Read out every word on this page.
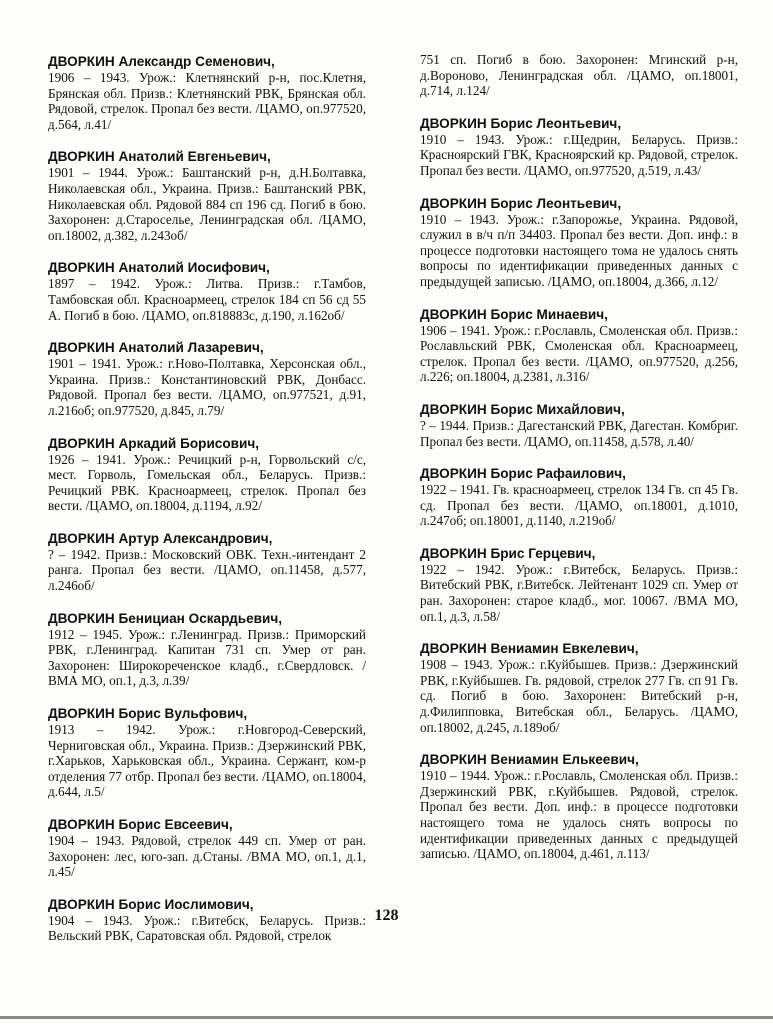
ДВОРКИН Александр Семенович,

1906 – 1943. Урож.: Клетнянский р-н, пос.Клетня, Брянская обл. Призв.: Клетнянский РВК, Брянская обл. Рядовой, стрелок. Пропал без вести. /ЦАМО, оп.977520, д.564, л.41/

ДВОРКИН Анатолий Евгеньевич,

1901 – 1944. Урож.: Баштанский р-н, д.Н.Болтавка, Николаевская обл., Украина. Призв.: Баштанский РВК, Николаевская обл. Рядовой 884 сп 196 сд. Погиб в бою. Захоронен: д.Староселье, Ленинградская обл. /ЦАМО, оп.18002, д.382, л.243об/

ДВОРКИН Анатолий Иосифович,

1897 – 1942. Урож.: Литва. Призв.: г.Тамбов, Тамбовская обл. Красноармеец, стрелок 184 сп 56 сд 55 А. Погиб в бою. /ЦАМО, оп.818883с, д.190, л.162об/

ДВОРКИН Анатолий Лазаревич,

1901 – 1941. Урож.: г.Ново-Полтавка, Херсонская обл., Украина. Призв.: Константиновский РВК, Донбасс. Рядовой. Пропал без вести. /ЦАМО, оп.977521, д.91, л.216об; оп.977520, д.845, л.79/

ДВОРКИН Аркадий Борисович,

1926 – 1941. Урож.: Речицкий р-н, Горвольский с/с, мест. Горволь, Гомельская обл., Беларусь. Призв.: Речицкий РВК. Красноармеец, стрелок. Пропал без вести. /ЦАМО, оп.18004, д.1194, л.92/

ДВОРКИН Артур Александрович,

? – 1942. Призв.: Московский ОВК. Техн.-интендант 2 ранга. Пропал без вести. /ЦАМО, оп.11458, д.577, л.246об/

ДВОРКИН Бенициан Оскардьевич,

1912 – 1945. Урож.: г.Ленинград. Призв.: Приморский РВК, г.Ленинград. Капитан 731 сп. Умер от ран. Захоронен: Широкореченское кладб., г.Свердловск. /ВМА МО, оп.1, д.3, л.39/

ДВОРКИН Борис Вульфович,

1913 – 1942. Урож.: г.Новгород-Северский, Черниговская обл., Украина. Призв.: Дзержинский РВК, г.Харьков, Харьковская обл., Украина. Сержант, ком-р отделения 77 отбр. Пропал без вести. /ЦАМО, оп.18004, д.644, л.5/

ДВОРКИН Борис Евсеевич,

1904 – 1943. Рядовой, стрелок 449 сп. Умер от ран. Захоронен: лес, юго-зап. д.Станы. /ВМА МО, оп.1, д.1, л.45/

ДВОРКИН Борис Иослимович,

1904 – 1943. Урож.: г.Витебск, Беларусь. Призв.: Вельский РВК, Саратовская обл. Рядовой, стрелок

751 сп. Погиб в бою. Захоронен: Мгинский р-н, д.Вороново, Ленинградская обл. /ЦАМО, оп.18001, д.714, л.124/

ДВОРКИН Борис Леонтьевич,

1910 – 1943. Урож.: г.Щедрин, Беларусь. Призв.: Красноярский ГВК, Красноярский кр. Рядовой, стрелок. Пропал без вести. /ЦАМО, оп.977520, д.519, л.43/

ДВОРКИН Борис Леонтьевич,

1910 – 1943. Урож.: г.Запорожье, Украина. Рядовой, служил в в/ч п/п 34403. Пропал без вести. Доп. инф.: в процессе подготовки настоящего тома не удалось снять вопросы по идентификации приведенных данных с предыдущей записью. /ЦАМО, оп.18004, д.366, л.12/

ДВОРКИН Борис Минаевич,

1906 – 1941. Урож.: г.Рославль, Смоленская обл. Призв.: Рославльский РВК, Смоленская обл. Красноармеец, стрелок. Пропал без вести. /ЦАМО, оп.977520, д.256, л.226; оп.18004, д.2381, л.316/

ДВОРКИН Борис Михайлович,

? – 1944. Призв.: Дагестанский РВК, Дагестан. Комбриг. Пропал без вести. /ЦАМО, оп.11458, д.578, л.40/

ДВОРКИН Борис Рафаилович,

1922 – 1941. Гв. красноармеец, стрелок 134 Гв. сп 45 Гв. сд. Пропал без вести. /ЦАМО, оп.18001, д.1010, л.247об; оп.18001, д.1140, л.219об/

ДВОРКИН Брис Герцевич,

1922 – 1942. Урож.: г.Витебск, Беларусь. Призв.: Витебский РВК, г.Витебск. Лейтенант 1029 сп. Умер от ран. Захоронен: старое кладб., мог. 10067. /ВМА МО, оп.1, д.3, л.58/

ДВОРКИН Вениамин Евкелевич,

1908 – 1943. Урож.: г.Куйбышев. Призв.: Дзержинский РВК, г.Куйбышев. Гв. рядовой, стрелок 277 Гв. сп 91 Гв. сд. Погиб в бою. Захоронен: Витебский р-н, д.Филипповка, Витебская обл., Беларусь. /ЦАМО, оп.18002, д.245, л.189об/

ДВОРКИН Вениамин Елькеевич,

1910 – 1944. Урож.: г.Рославль, Смоленская обл. Призв.: Дзержинский РВК, г.Куйбышев. Рядовой, стрелок. Пропал без вести. Доп. инф.: в процессе подготовки настоящего тома не удалось снять вопросы по идентификации приведенных данных с предыдущей записью. /ЦАМО, оп.18004, д.461, л.113/

128
